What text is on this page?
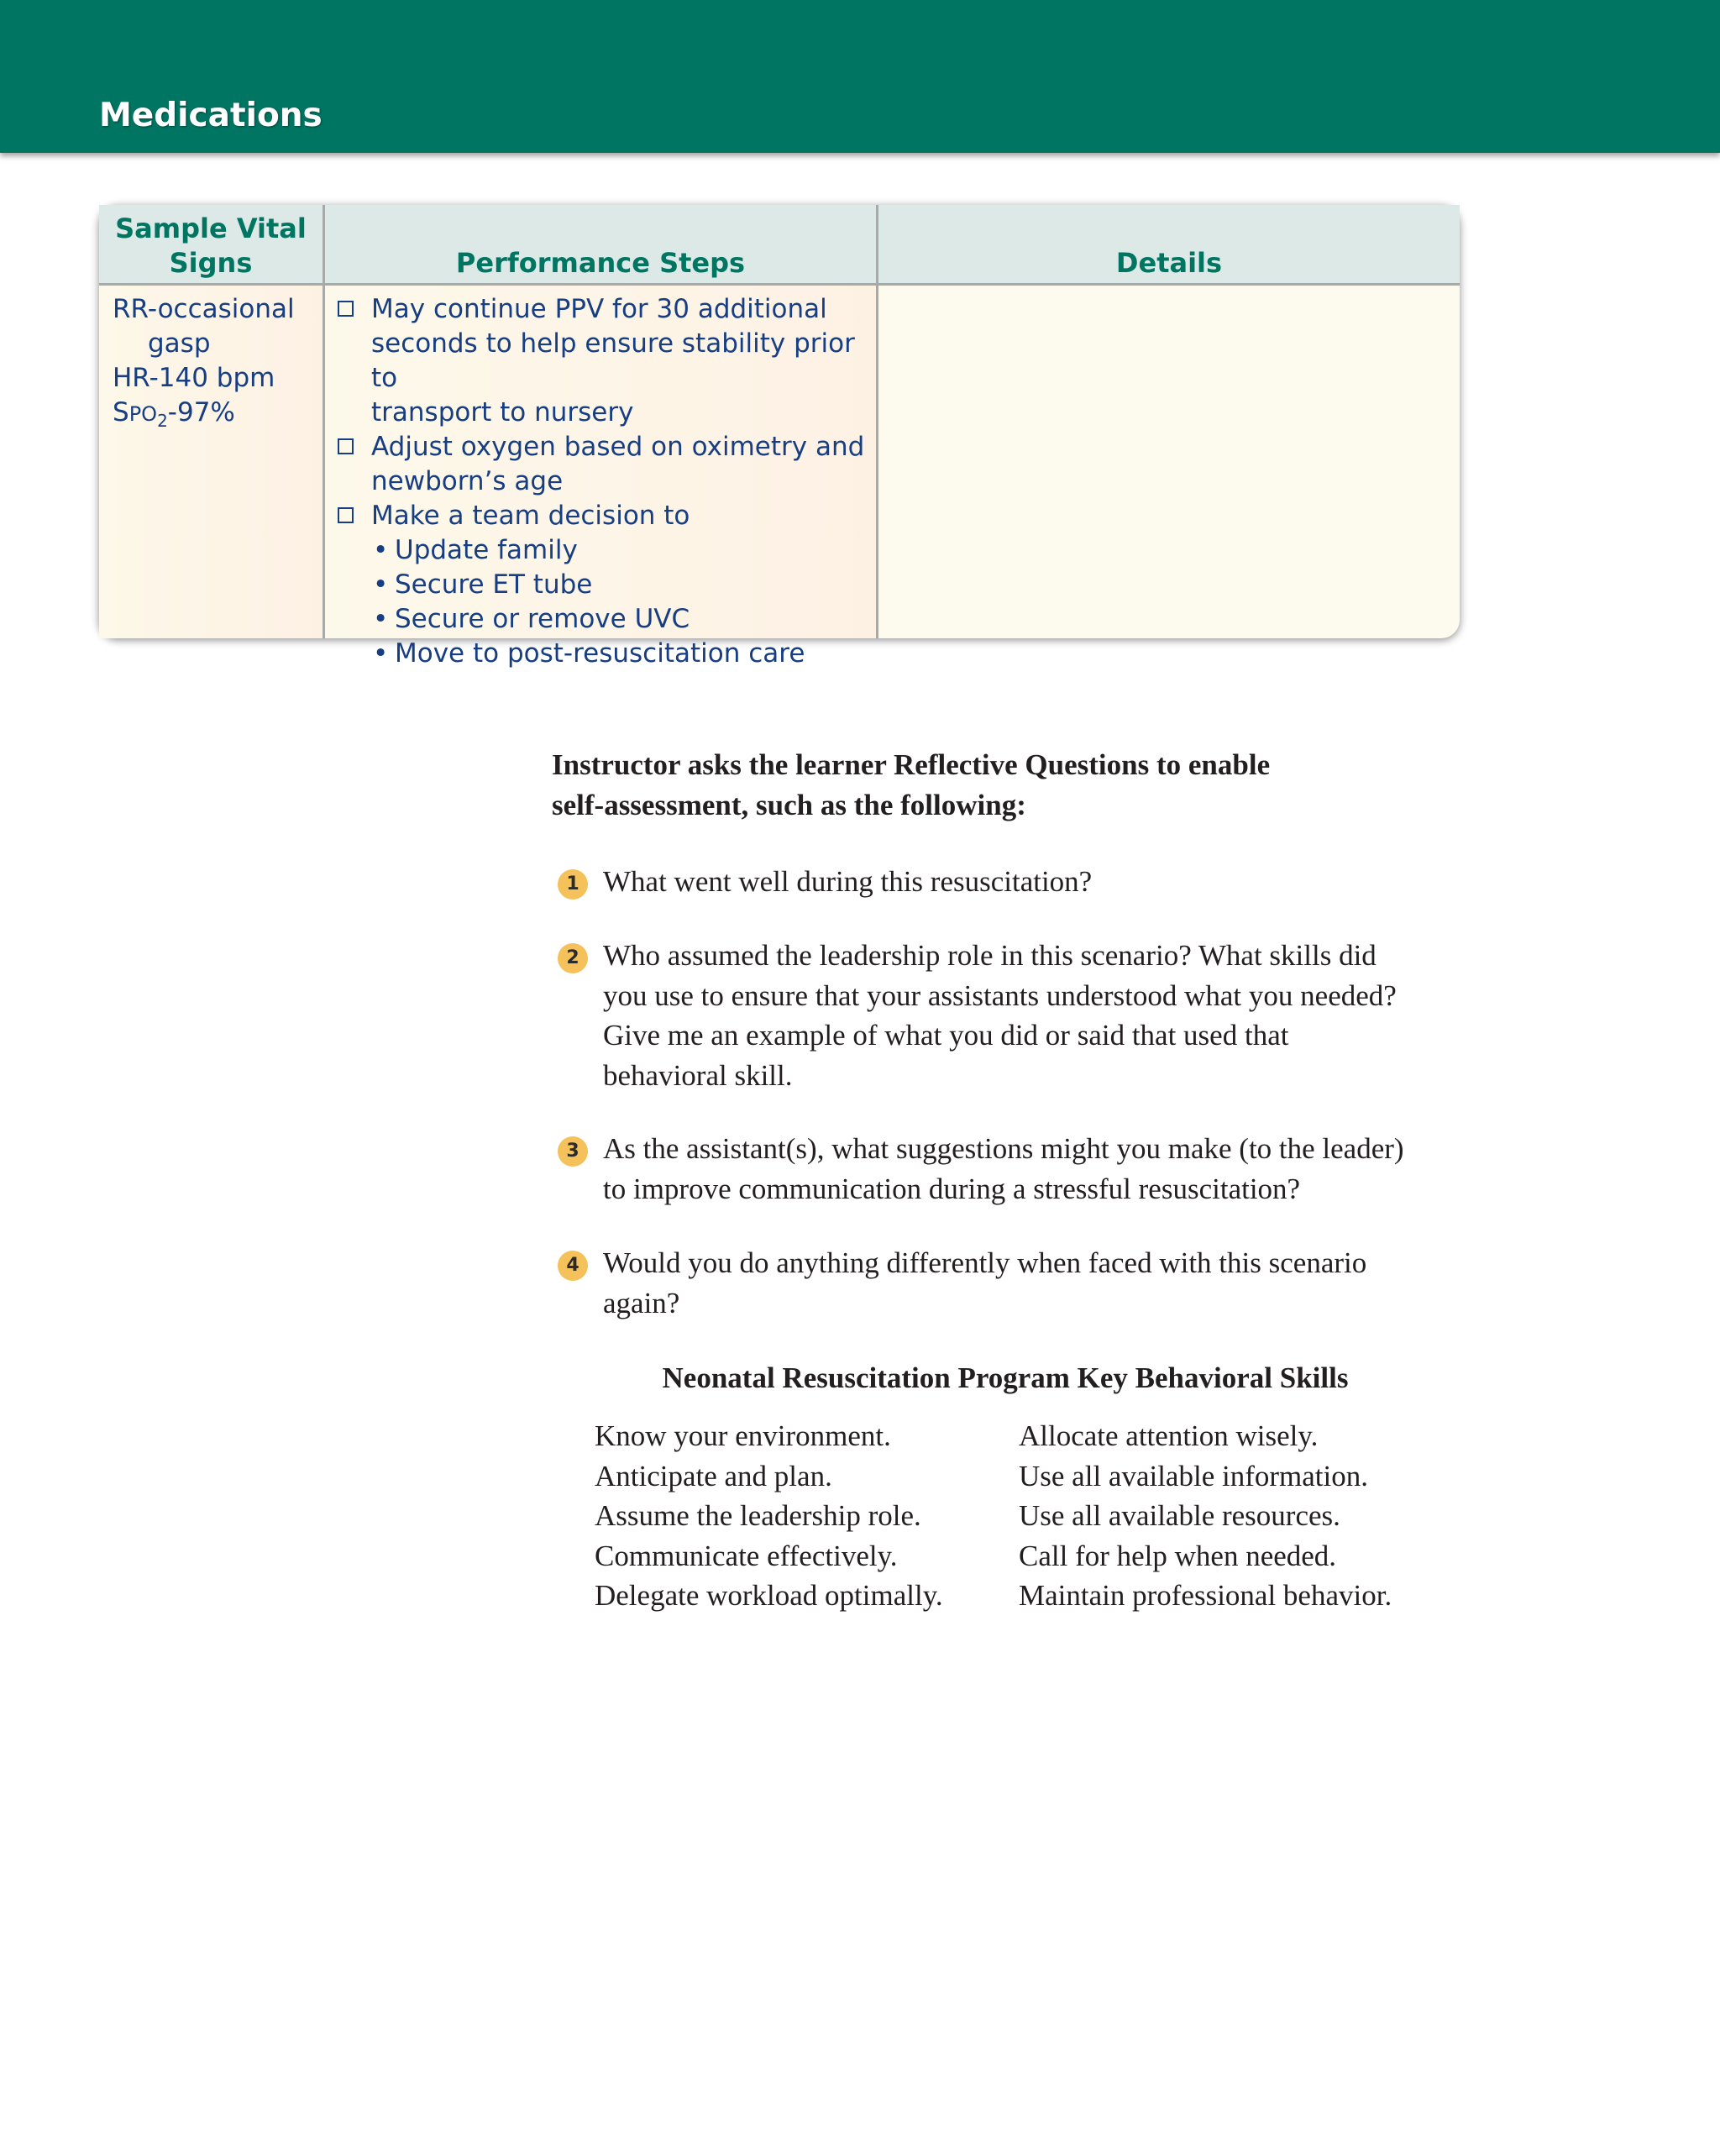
Medications
Sample Vital
Signs	Performance Steps	Details
RR-occasional
gasp
HR-140 bpm
$SPO_2-97\%$
May continue PPV for 30 additional
seconds to help ensure stability prior to
transport to nursery
Adjust oxygen based on oximetry and
newborn’s age
Make a team decision to
• Update family
• Secure ET tube
• Secure or remove UVC
• Move to post-resuscitation care
Instructor asks the learner Reflective Questions to enable
self-assessment, such as the following:
1 What went well during this resuscitation?
2 Who assumed the leadership role in this scenario? What skills did
you use to ensure that your assistants understood what you needed?
Give me an example of what you did or said that used that
behavioral skill.
3 As the assistant(s), what suggestions might you make (to the leader)
to improve communication during a stressful resuscitation?
4 Would you do anything differently when faced with this scenario
again?
Neonatal Resuscitation Program Key Behavioral Skills
Know your environment.
Anticipate and plan.
Assume the leadership role.
Communicate effectively.
Delegate workload optimally.
Allocate attention wisely.
Use all available information.
Use all available resources.
Call for help when needed.
Maintain professional behavior.
